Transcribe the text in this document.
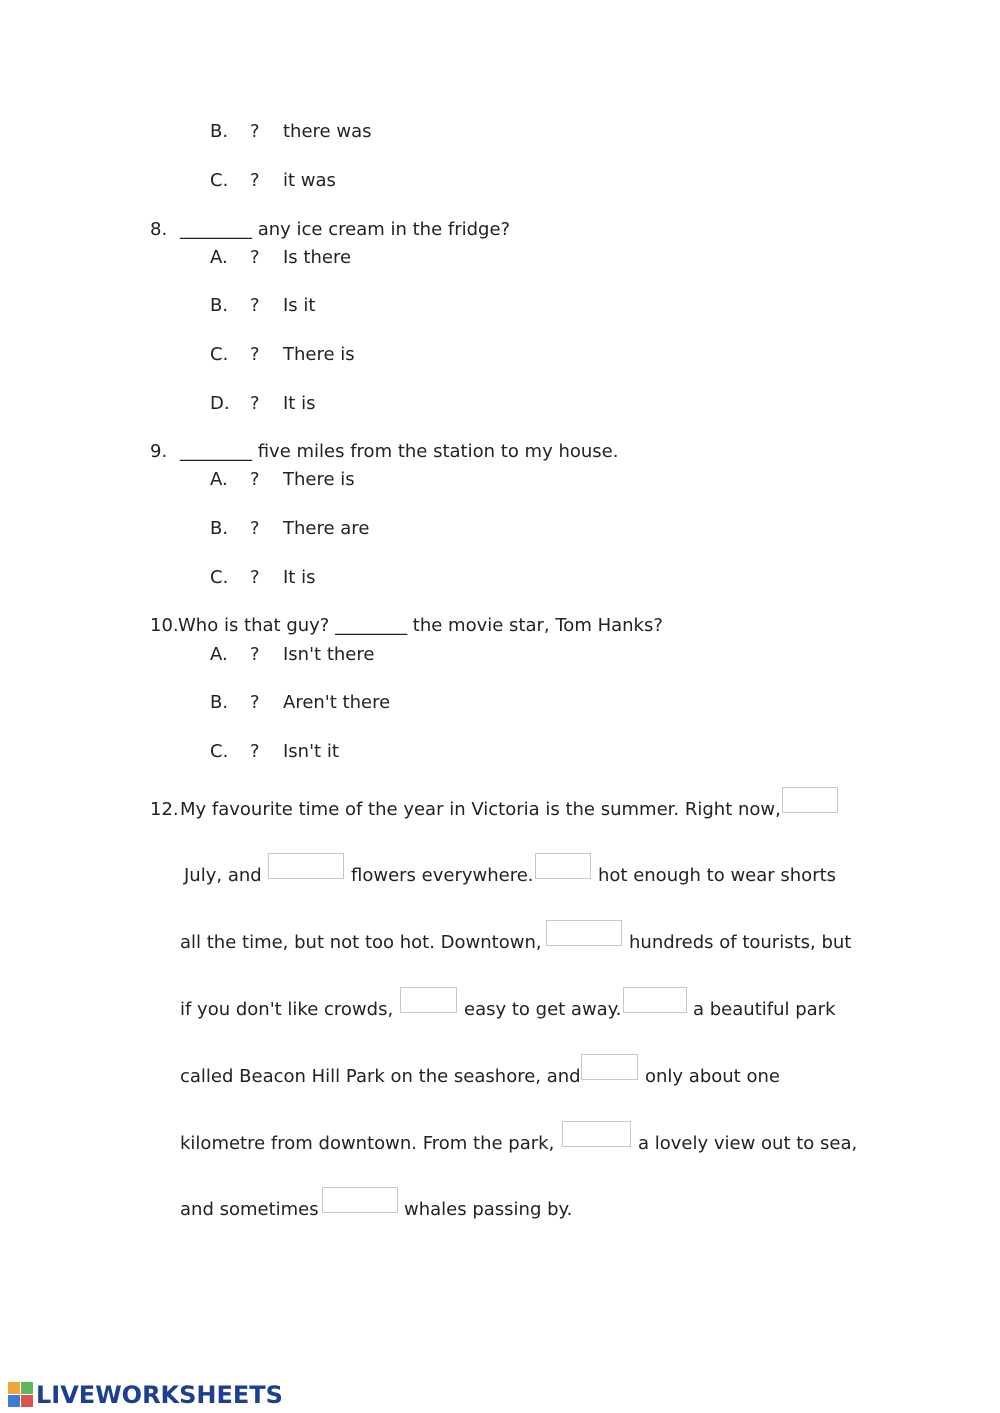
B. ? there was
C. ? it was
8. ________ any ice cream in the fridge?
A. ? Is there
B. ? Is it
C. ? There is
D. ? It is
9. ________ five miles from the station to my house.
A. ? There is
B. ? There are
C. ? It is
10. Who is that guy? ________ the movie star, Tom Hanks?
A. ? Isn't there
B. ? Aren't there
C. ? Isn't it
12. My favourite time of the year in Victoria is the summer. Right now,
July, and	flowers everywhere.	hot enough to wear shorts
all the time, but not too hot. Downtown,	hundreds of tourists, but
if you don't like crowds,	easy to get away.	a beautiful park
called Beacon Hill Park on the seashore, and	only about one
kilometre from downtown. From the park,	a lovely view out to sea,
and sometimes	whales passing by.
LIVEWORKSHEETS
